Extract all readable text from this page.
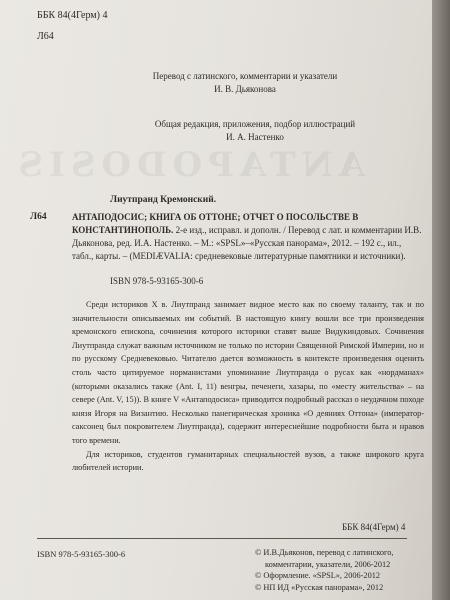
ANTAPODOSIS
ББК 84(4Герм) 4
Л64
Перевод с латинского, комментарии и указатели
И. В. Дьяконова
Общая редакция, приложения, подбор иллюстраций
И. А. Настенко
Лиутпранд Кремонский.
Л64	АНТАПОДОСИС; КНИГА ОБ ОТТОНЕ; ОТЧЕТ О ПОСОЛЬСТВЕ В КОНСТАНТИНОПОЛЬ. 2-е изд., исправл. и дополн. / Перевод с лат. и комментарии И.В. Дьяконова, ред. И.А. Настенко. – М.: «SPSL»–«Русская панорама», 2012. – 192 с., ил., табл., карты. – (MEDIÆVALIA: средневековые литературные памятники и источники).
ISBN 978-5-93165-300-6

Среди историков X в. Лиутпранд занимает видное место как по своему таланту, так и по значительности описываемых им событий. В настоящую книгу вошли все три произведения кремонского епископа, сочинения которого историки ставят выше Видукиндовых. Сочинения Лиутпранда служат важным источником не только по истории Священной Римской Империи, но и по русскому Средневековью. Читателю дается возможность в контексте произведения оценить столь часто цитируемое норманистами упоминание Лиутпранда о русах как «нордманах» (которыми оказались также (Ant. I, 11) венгры, печенеги, хазары, по «месту жительства» – на севере (Ant. V, 15)). В книге V «Антаподосиса» приводится подробный рассказ о неудачном походе князя Игоря на Византию. Несколько панегирическая хроника «О деяниях Оттона» (император-саксонец был покровителем Лиутпранда), содержит интереснейшие подробности быта и нравов того времени.

Для историков, студентов гуманитарных специальностей вузов, а также широкого круга любителей истории.

ББК 84(4Герм) 4
ISBN 978-5-93165-300-6	© И.В.Дьяконов, перевод с латинского,
комментарии, указатели, 2006-2012
© Оформление. «SPSL», 2006-2012
© НП ИД «Русская панорама», 2012
